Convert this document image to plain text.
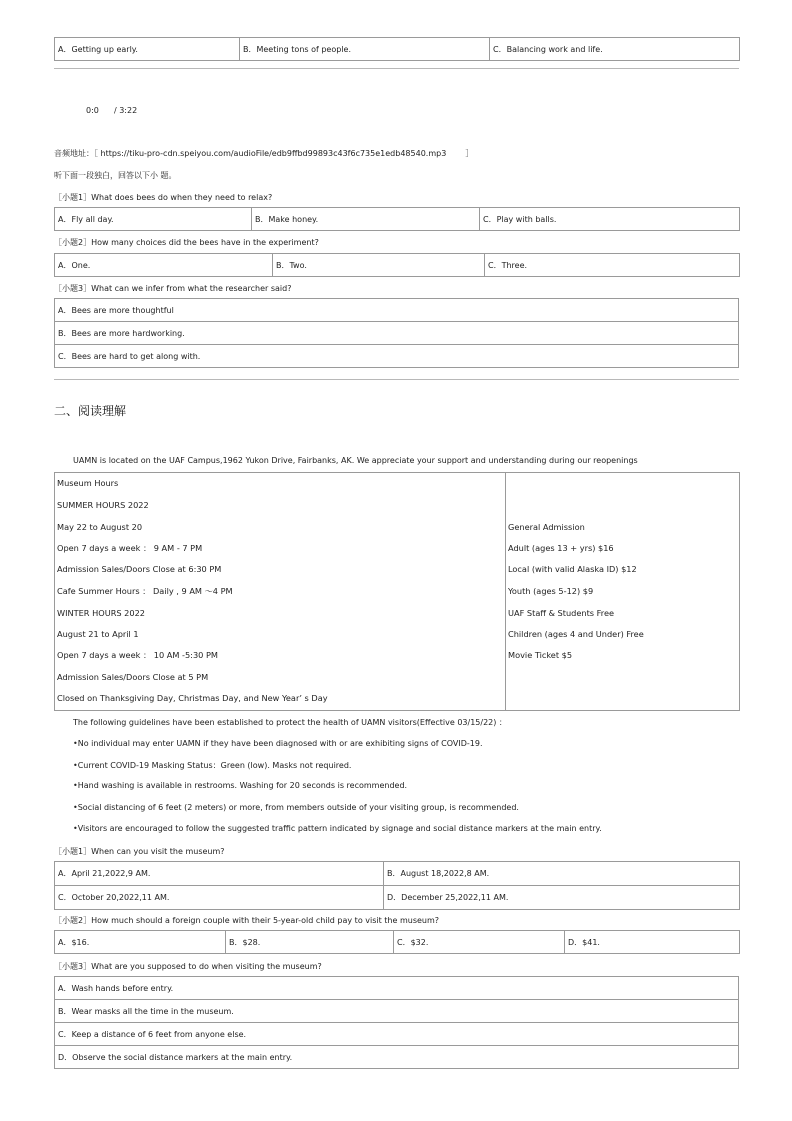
A．Getting up early.	B．Meeting tons of people.	C．Balancing work and life.
0:0 / 3:22
音频地址：［ https://tiku-pro-cdn.speiyou.com/audioFile/edb9ffbd99893c43f6c735e1edb48540.mp3 ］
听下面一段独白，回答以下小 题。
［小题1］What does bees do when they need to relax?
A．Fly all day.	B．Make honey.	C．Play with balls.
［小题2］How many choices did the bees have in the experiment?
A．One.	B．Two.	C．Three.
［小题3］What can we infer from what the researcher said?
A．Bees are more thoughtful
B．Bees are more hardworking.
C．Bees are hard to get along with.
二、阅读理解
UAMN is located on the UAF Campus,1962 Yukon Drive, Fairbanks, AK. We appreciate your support and understanding during our reopenings
Museum Hours
SUMMER HOURS 2022
May 22 to August 20
Open 7 days a week ： 9 AM - 7 PM
Admission Sales/Doors Close at 6:30 PM
Cafe Summer Hours ： Daily , 9 AM ～4 PM
WINTER HOURS 2022
August 21 to April 1
Open 7 days a week ： 10 AM -5:30 PM
Admission Sales/Doors Close at 5 PM
Closed on Thanksgiving Day, Christmas Day, and New Year’ s Day

General Admission
Adult (ages 13 + yrs) $16
Local (with valid Alaska ID) $12
Youth (ages 5-12) $9
UAF Staff & Students Free
Children (ages 4 and Under) Free
Movie Ticket $5
The following guidelines have been established to protect the health of UAMN visitors(Effective 03/15/22) ：
•No individual may enter UAMN if they have been diagnosed with or are exhibiting signs of COVID-19.
•Current COVID-19 Masking Status：Green (low). Masks not required.
•Hand washing is available in restrooms. Washing for 20 seconds is recommended.
•Social distancing of 6 feet (2 meters) or more, from members outside of your visiting group, is recommended.
•Visitors are encouraged to follow the suggested traffic pattern indicated by signage and social distance markers at the main entry.
［小题1］When can you visit the museum?
A．April 21,2022,9 AM.	B．August 18,2022,8 AM.
C．October 20,2022,11 AM.	D．December 25,2022,11 AM.
［小题2］How much should a foreign couple with their 5-year-old child pay to visit the museum?
A．$16.	B．$28.	C．$32.	D．$41.
［小题3］What are you supposed to do when visiting the museum?
A．Wash hands before entry.
B．Wear masks all the time in the museum.
C．Keep a distance of 6 feet from anyone else.
D．Observe the social distance markers at the main entry.
